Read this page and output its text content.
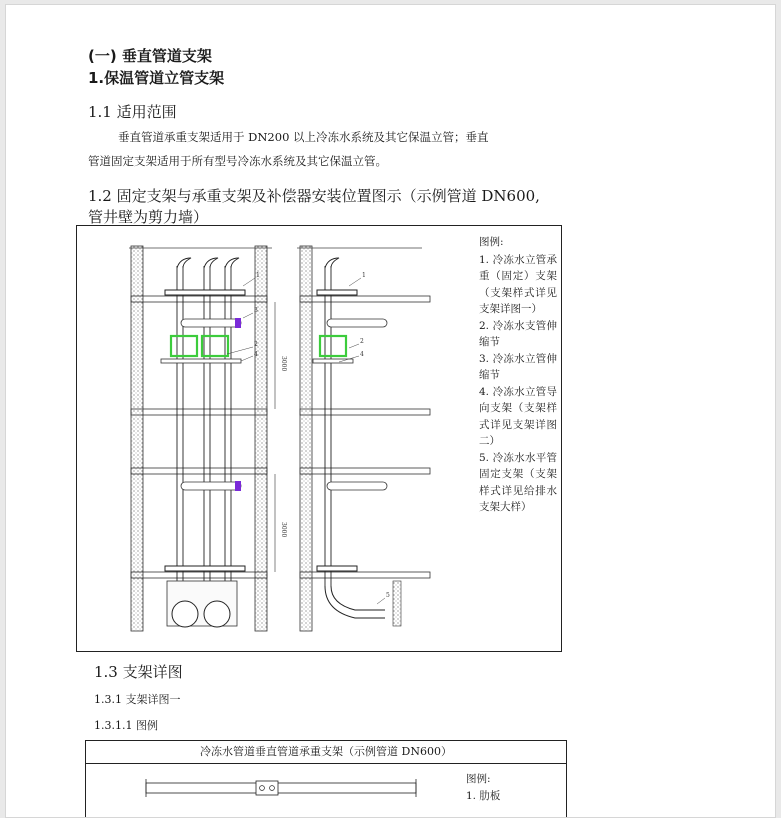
(一) 垂直管道支架
1.保温管道立管支架
1.1 适用范围
垂直管道承重支架适用于 DN200 以上冷冻水系统及其它保温立管；垂直
管道固定支架适用于所有型号冷冻水系统及其它保温立管。
1.2 固定支架与承重支架及补偿器安装位置图示（示例管道 DN600,
管井壁为剪力墙）
3000
3000
1
3
2
4
1
2
4
5
图例:
1. 冷冻水立管承重（固定）支架（支架样式详见支架详图一）
2. 冷冻水支管伸缩节
3. 冷冻水立管伸缩节
4. 冷冻水立管导向支架（支架样式详见支架详图二）
5. 冷冻水水平管固定支架（支架样式详见给排水支架大样）
1.3 支架详图
1.3.1 支架详图一
1.3.1.1 图例
冷冻水管道垂直管道承重支架（示例管道 DN600）
图例:
1. 肋板
